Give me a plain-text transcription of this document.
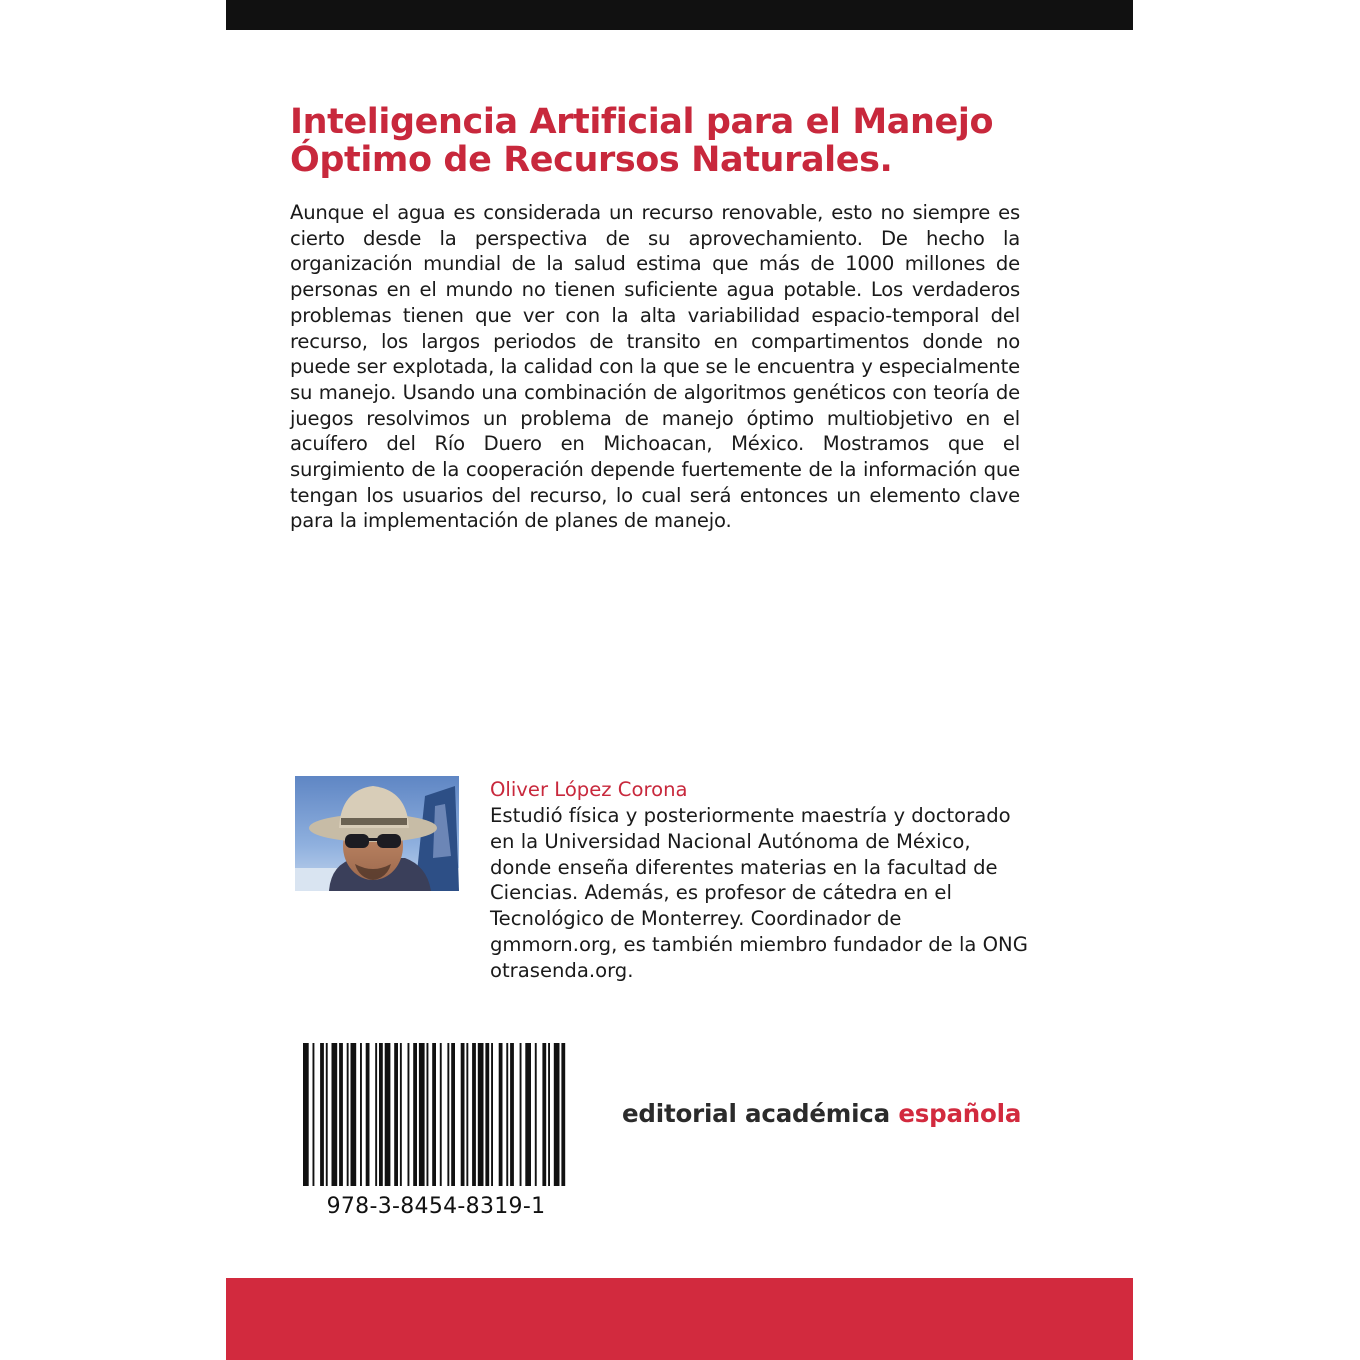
Inteligencia Artificial para el Manejo
Óptimo de Recursos Naturales.

Aunque el agua es considerada un recurso renovable, esto no siempre es cierto desde la perspectiva de su aprovechamiento. De hecho la organización mundial de la salud estima que más de 1000 millones de personas en el mundo no tienen suficiente agua potable. Los verdaderos problemas tienen que ver con la alta variabilidad espacio-temporal del recurso, los largos periodos de transito en compartimentos donde no puede ser explotada, la calidad con la que se le encuentra y especialmente su manejo. Usando una combinación de algoritmos genéticos con teoría de juegos resolvimos un problema de manejo óptimo multiobjetivo en el acuífero del Río Duero en Michoacan, México. Mostramos que el surgimiento de la cooperación depende fuertemente de la información que tengan los usuarios del recurso, lo cual será entonces un elemento clave para la implementación de planes de manejo.

Oliver López Corona

Estudió física y posteriormente maestría y doctorado en la Universidad Nacional Autónoma de México, donde enseña diferentes materias en la facultad de Ciencias. Además, es profesor de cátedra en el Tecnológico de Monterrey. Coordinador de gmmorn.org, es también miembro fundador de la ONG otrasenda.org.

978-3-8454-8319-1

editorial académica española
